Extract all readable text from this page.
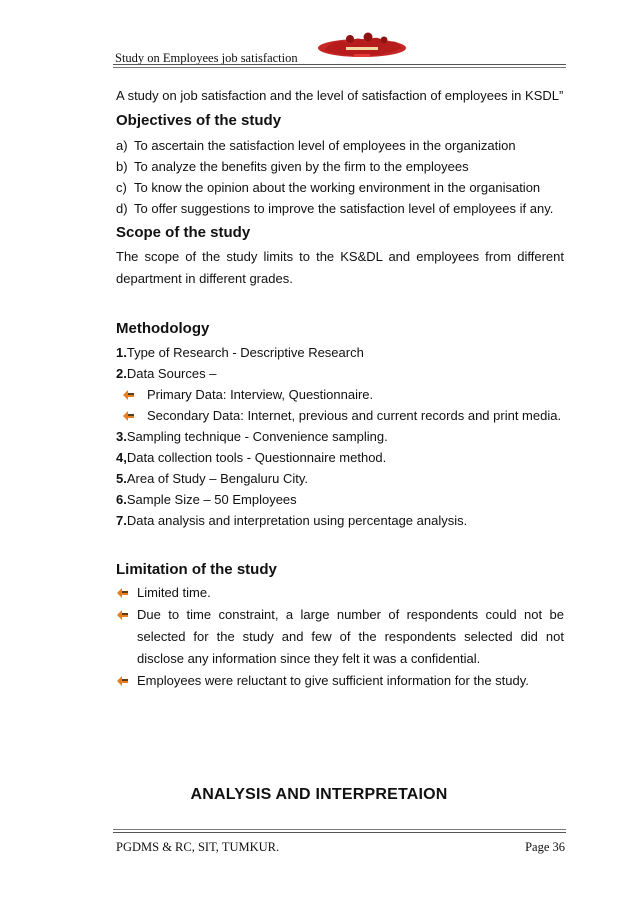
Study on Employees job satisfaction

A study on job satisfaction and the level of satisfaction of employees in KSDL”

Objectives of the study
a) To ascertain the satisfaction level of employees in the organization
b) To analyze the benefits given by the firm to the employees
c) To know the opinion about the working environment in the organisation
d) To offer suggestions to improve the satisfaction level of employees if any.
Scope of the study

The scope of the study limits to the KS&DL and employees from different department in different grades.

Methodology
1.Type of Research - Descriptive Research
2.Data Sources –
Primary Data: Interview, Questionnaire.
Secondary Data: Internet, previous and current records and print media.
3.Sampling technique - Convenience sampling.
4,Data collection tools - Questionnaire method.
5.Area of Study – Bengaluru City.
6.Sample Size – 50 Employees
7.Data analysis and interpretation using percentage analysis.
Limitation of the study
Limited time.
Due to time constraint, a large number of respondents could not be selected for the study and few of the respondents selected did not disclose any information since they felt it was a confidential.
Employees were reluctant to give sufficient information for the study.
ANALYSIS AND INTERPRETAION
PGDMS & RC, SIT, TUMKUR.	Page 36
